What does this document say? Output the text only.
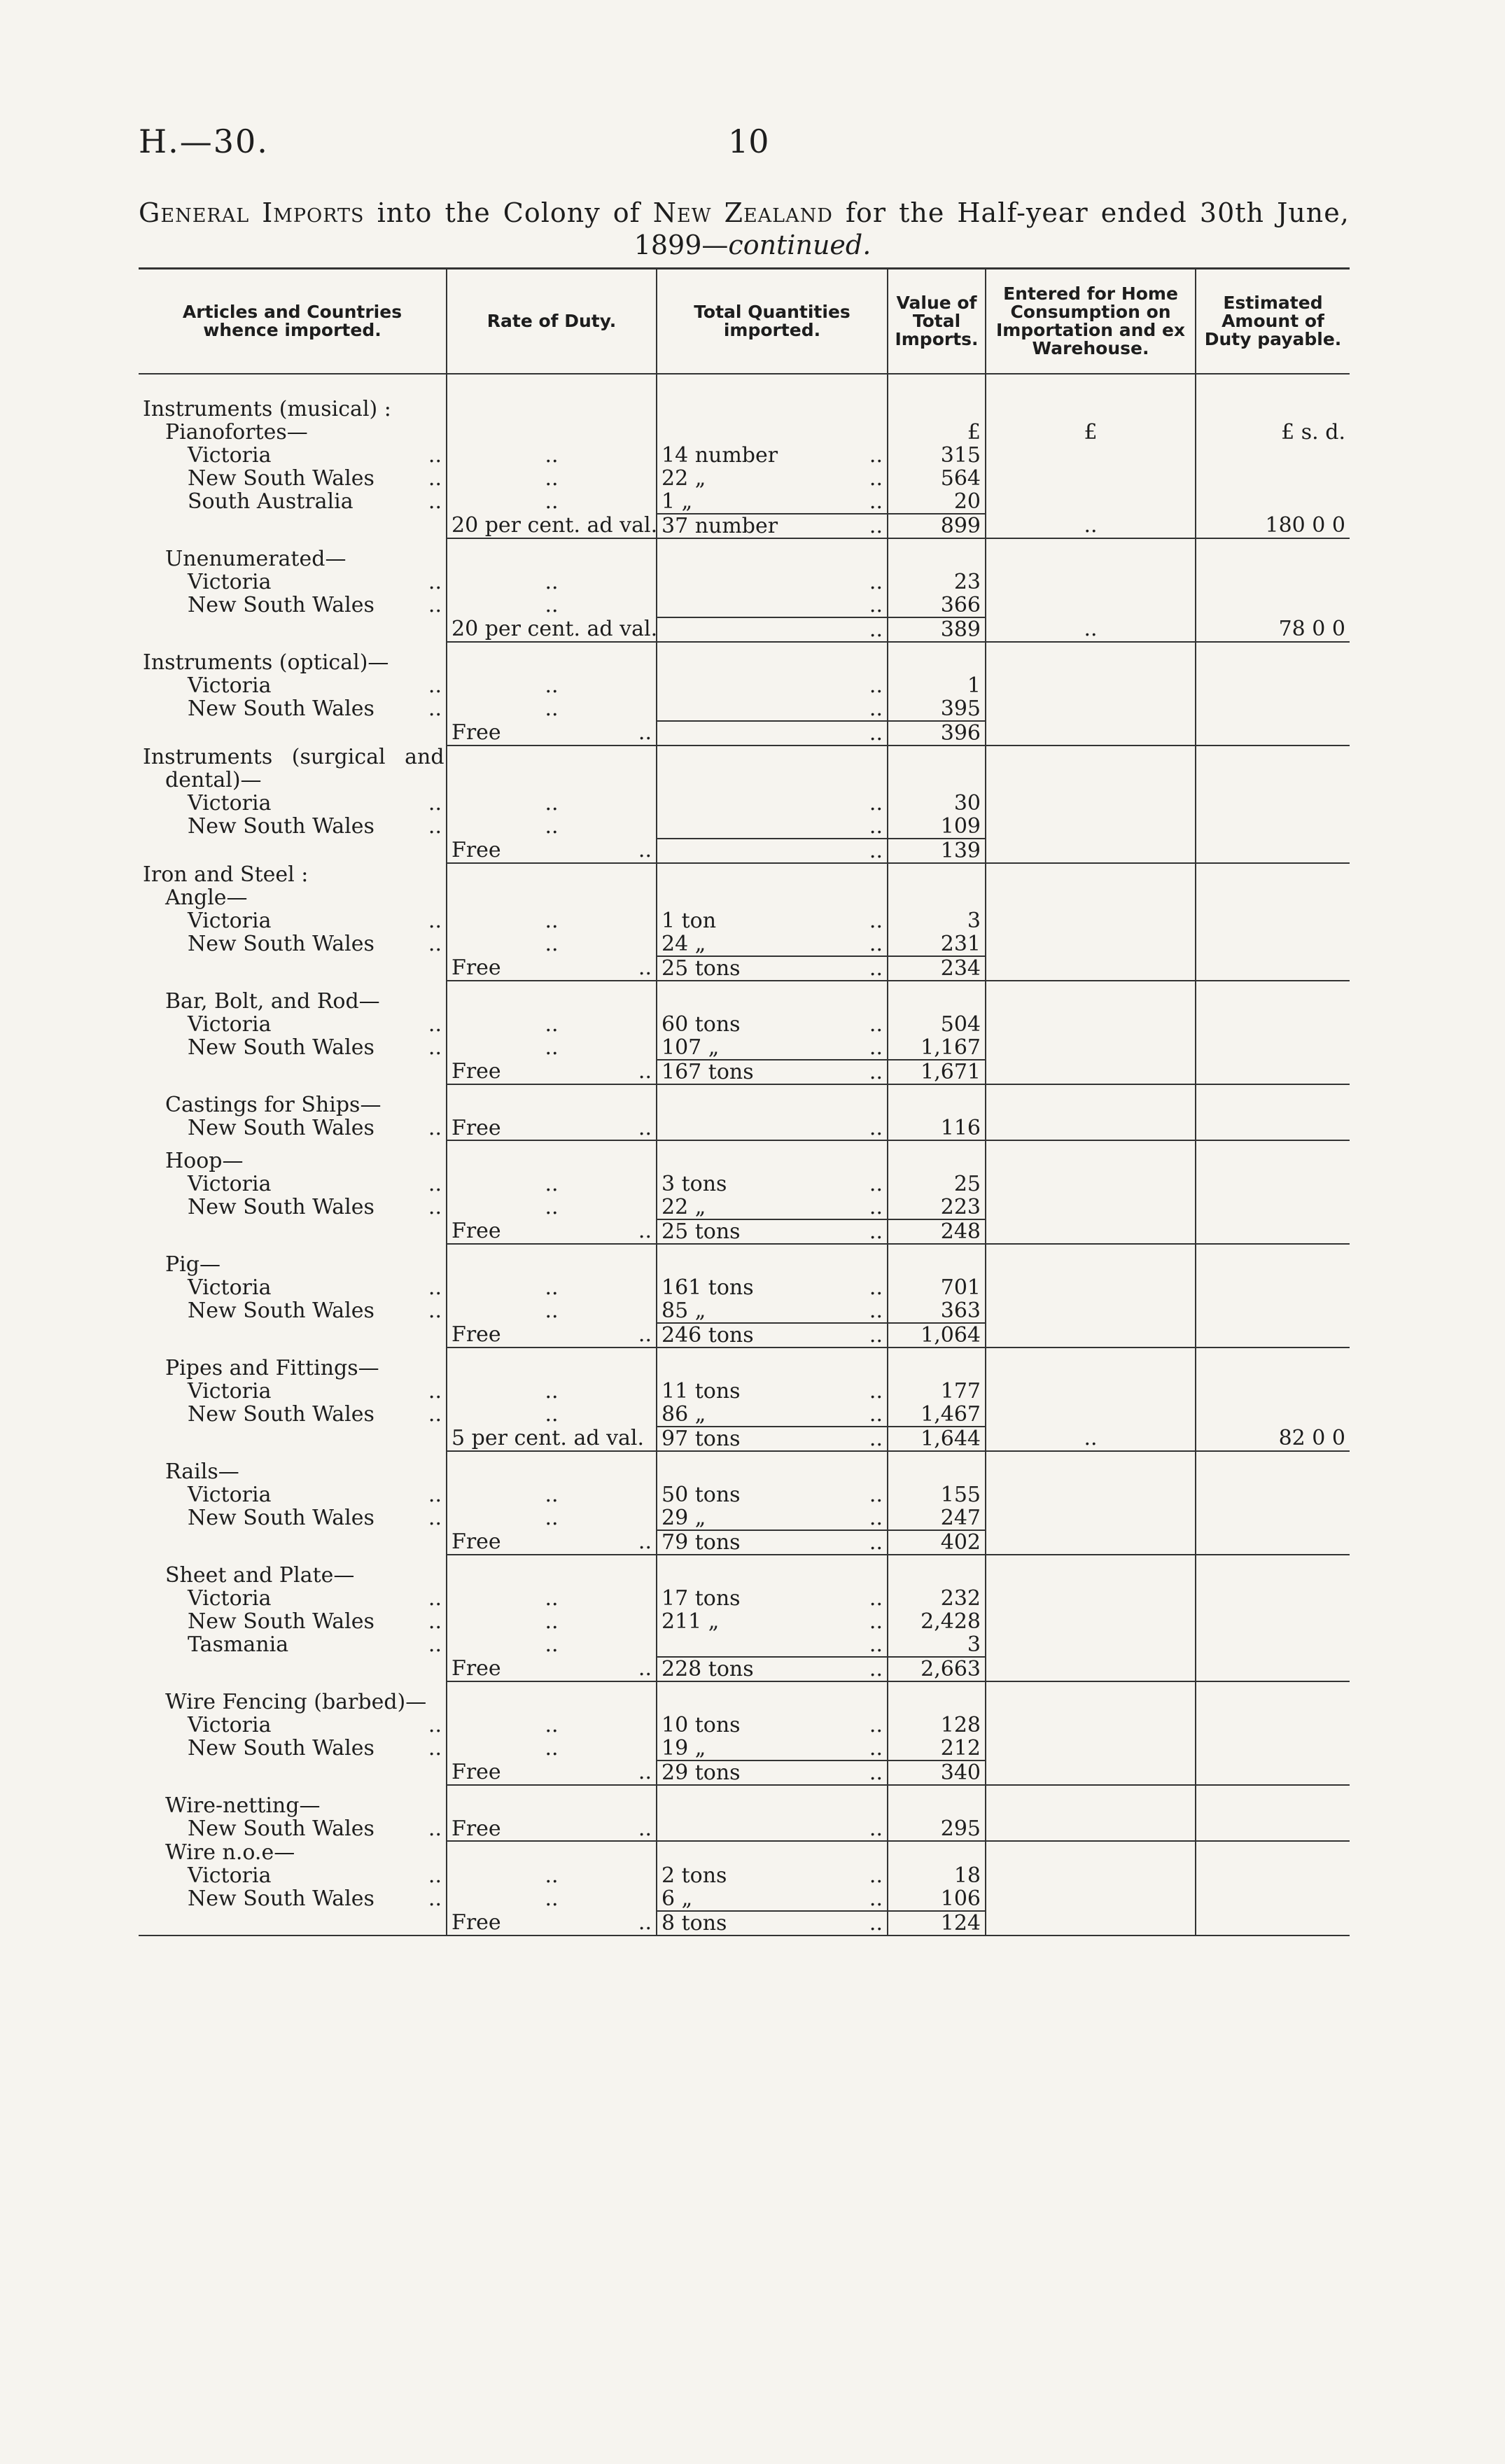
H.—30.	10
General Imports into the Colony of New Zealand for the Half-year ended 30th June,
1899—continued.
Articles and Countries whence imported.	Rate of Duty.	Total Quantities imported.	Value of Total Imports.	Entered for Home Consumption on Importation and ex Warehouse.	Estimated Amount of Duty payable.

Instruments (musical) :					
Pianofortes—			£	£	£ s. d.
Victoria ..	..	14 number ..	315		
New South Wales ..	..	22 „ ..	564		
South Australia ..	..	1 „ ..	20		
	20 per cent. ad val.	37 number ..	899	..	180 0 0

Unenumerated—					
Victoria ..	..	..	23		
New South Wales ..	..	..	366		
	20 per cent. ad val.	..	389	..	78 0 0

Instruments (optical)—					
Victoria ..	..	..	1		
New South Wales ..	..	..	395		

	Free ..	..	396		
Instruments (surgical and					
dental)—					
Victoria ..	..	..	30		
New South Wales ..	..	..	109		

	Free ..	..	139		
Iron and Steel :					
Angle—					
Victoria ..	..	1 ton ..	3		
New South Wales ..	..	24 „ ..	231		

	Free ..	25 tons ..	234		

Bar, Bolt, and Rod—					
Victoria ..	..	60 tons ..	504		
New South Wales ..	..	107 „ ..	1,167		

	Free ..	167 tons ..	1,671		

Castings for Ships—					
New South Wales ..	Free ..	..	116		

Hoop—					
Victoria ..	..	3 tons ..	25		
New South Wales ..	..	22 „ ..	223		

	Free ..	25 tons ..	248		

Pig—					
Victoria ..	..	161 tons ..	701		
New South Wales ..	..	85 „ ..	363		

	Free ..	246 tons ..	1,064		

Pipes and Fittings—					
Victoria ..	..	11 tons ..	177		
New South Wales ..	..	86 „ ..	1,467		
	5 per cent. ad val.	97 tons ..	1,644	..	82 0 0

Rails—					
Victoria ..	..	50 tons ..	155		
New South Wales ..	..	29 „ ..	247		

	Free ..	79 tons ..	402		

Sheet and Plate—					
Victoria ..	..	17 tons ..	232		
New South Wales ..	..	211 „ ..	2,428		
Tasmania ..	..	..	3		

	Free ..	228 tons ..	2,663		

Wire Fencing (barbed)—					
Victoria ..	..	10 tons ..	128		
New South Wales ..	..	19 „ ..	212		

	Free ..	29 tons ..	340		

Wire-netting—					
New South Wales ..	Free ..	..	295		
Wire n.o.e—					
Victoria ..	..	2 tons ..	18		
New South Wales ..	..	6 „ ..	106		

	Free ..	8 tons ..	124		
